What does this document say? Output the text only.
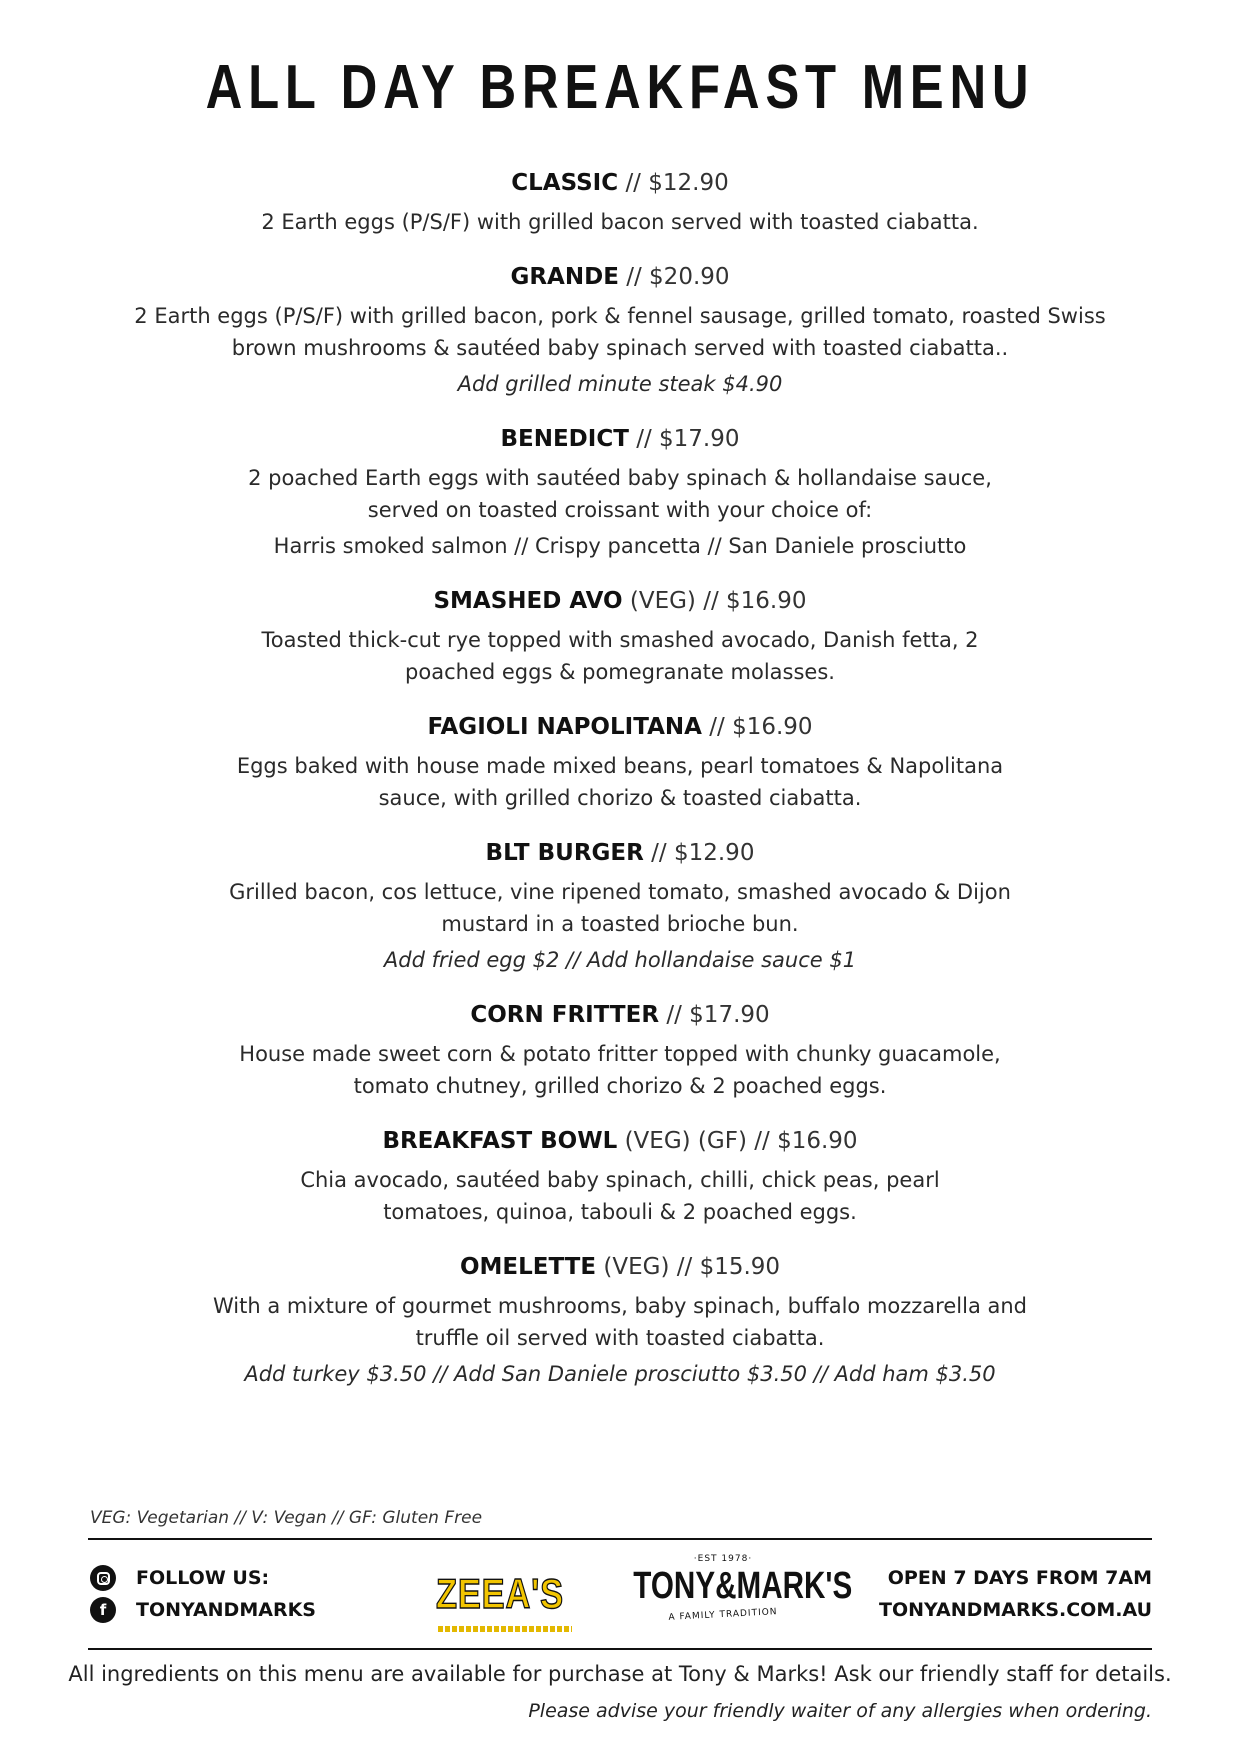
ALL DAY BREAKFAST MENU
CLASSIC // $12.90
2 Earth eggs (P/S/F) with grilled bacon served with toasted ciabatta.
GRANDE // $20.90
2 Earth eggs (P/S/F) with grilled bacon, pork & fennel sausage, grilled tomato, roasted Swiss brown mushrooms & sautéed baby spinach served with toasted ciabatta..
Add grilled minute steak $4.90
BENEDICT // $17.90
2 poached Earth eggs with sautéed baby spinach & hollandaise sauce, served on toasted croissant with your choice of:
Harris smoked salmon // Crispy pancetta // San Daniele prosciutto
SMASHED AVO (VEG) // $16.90
Toasted thick-cut rye topped with smashed avocado, Danish fetta, 2 poached eggs & pomegranate molasses.
FAGIOLI NAPOLITANA // $16.90
Eggs baked with house made mixed beans, pearl tomatoes & Napolitana sauce, with grilled chorizo & toasted ciabatta.
BLT BURGER // $12.90
Grilled bacon, cos lettuce, vine ripened tomato, smashed avocado & Dijon mustard in a toasted brioche bun.
Add fried egg $2 // Add hollandaise sauce $1
CORN FRITTER // $17.90
House made sweet corn & potato fritter topped with chunky guacamole, tomato chutney, grilled chorizo & 2 poached eggs.
BREAKFAST BOWL (VEG) (GF) // $16.90
Chia avocado, sautéed baby spinach, chilli, chick peas, pearl tomatoes, quinoa, tabouli & 2 poached eggs.
OMELETTE (VEG) // $15.90
With a mixture of gourmet mushrooms, baby spinach, buffalo mozzarella and truffle oil served with toasted ciabatta.
Add turkey $3.50 // Add San Daniele prosciutto $3.50 // Add ham $3.50
VEG: Vegetarian // V: Vegan // GF: Gluten Free
FOLLOW US:
f	TONYANDMARKS	ZEEA'S
·EST 1978·
TONY&MARK'S
A FAMILY TRADITION
OPEN 7 DAYS FROM 7AM
TONYANDMARKS.COM.AU
All ingredients on this menu are available for purchase at Tony & Marks! Ask our friendly staff for details.
Please advise your friendly waiter of any allergies when ordering.
